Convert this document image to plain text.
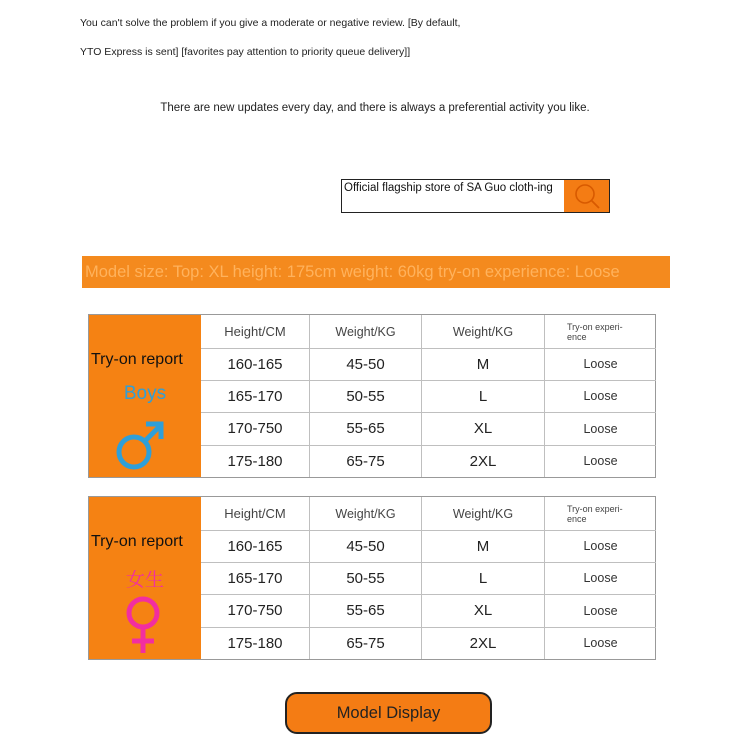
You can't solve the problem if you give a moderate or negative review. [By default,
YTO Express is sent] [favorites pay attention to priority queue delivery]]
There are new updates every day, and there is always a preferential activity you like.
Official flagship store of SA Guo cloth-ing
Model size: Top: XL height: 175cm weight: 60kg try-on experience: Loose
Try-on report
Boys
Height/CM	Weight/KG	Weight/KG	Try-on experi-ence
160-165	45-50	M	Loose
165-170	50-55	L	Loose
170-750	55-65	XL	Loose
175-180	65-75	2XL	Loose
Try-on report
女生
Height/CM	Weight/KG	Weight/KG	Try-on experi-ence
160-165	45-50	M	Loose
165-170	50-55	L	Loose
170-750	55-65	XL	Loose
175-180	65-75	2XL	Loose
Model Display
